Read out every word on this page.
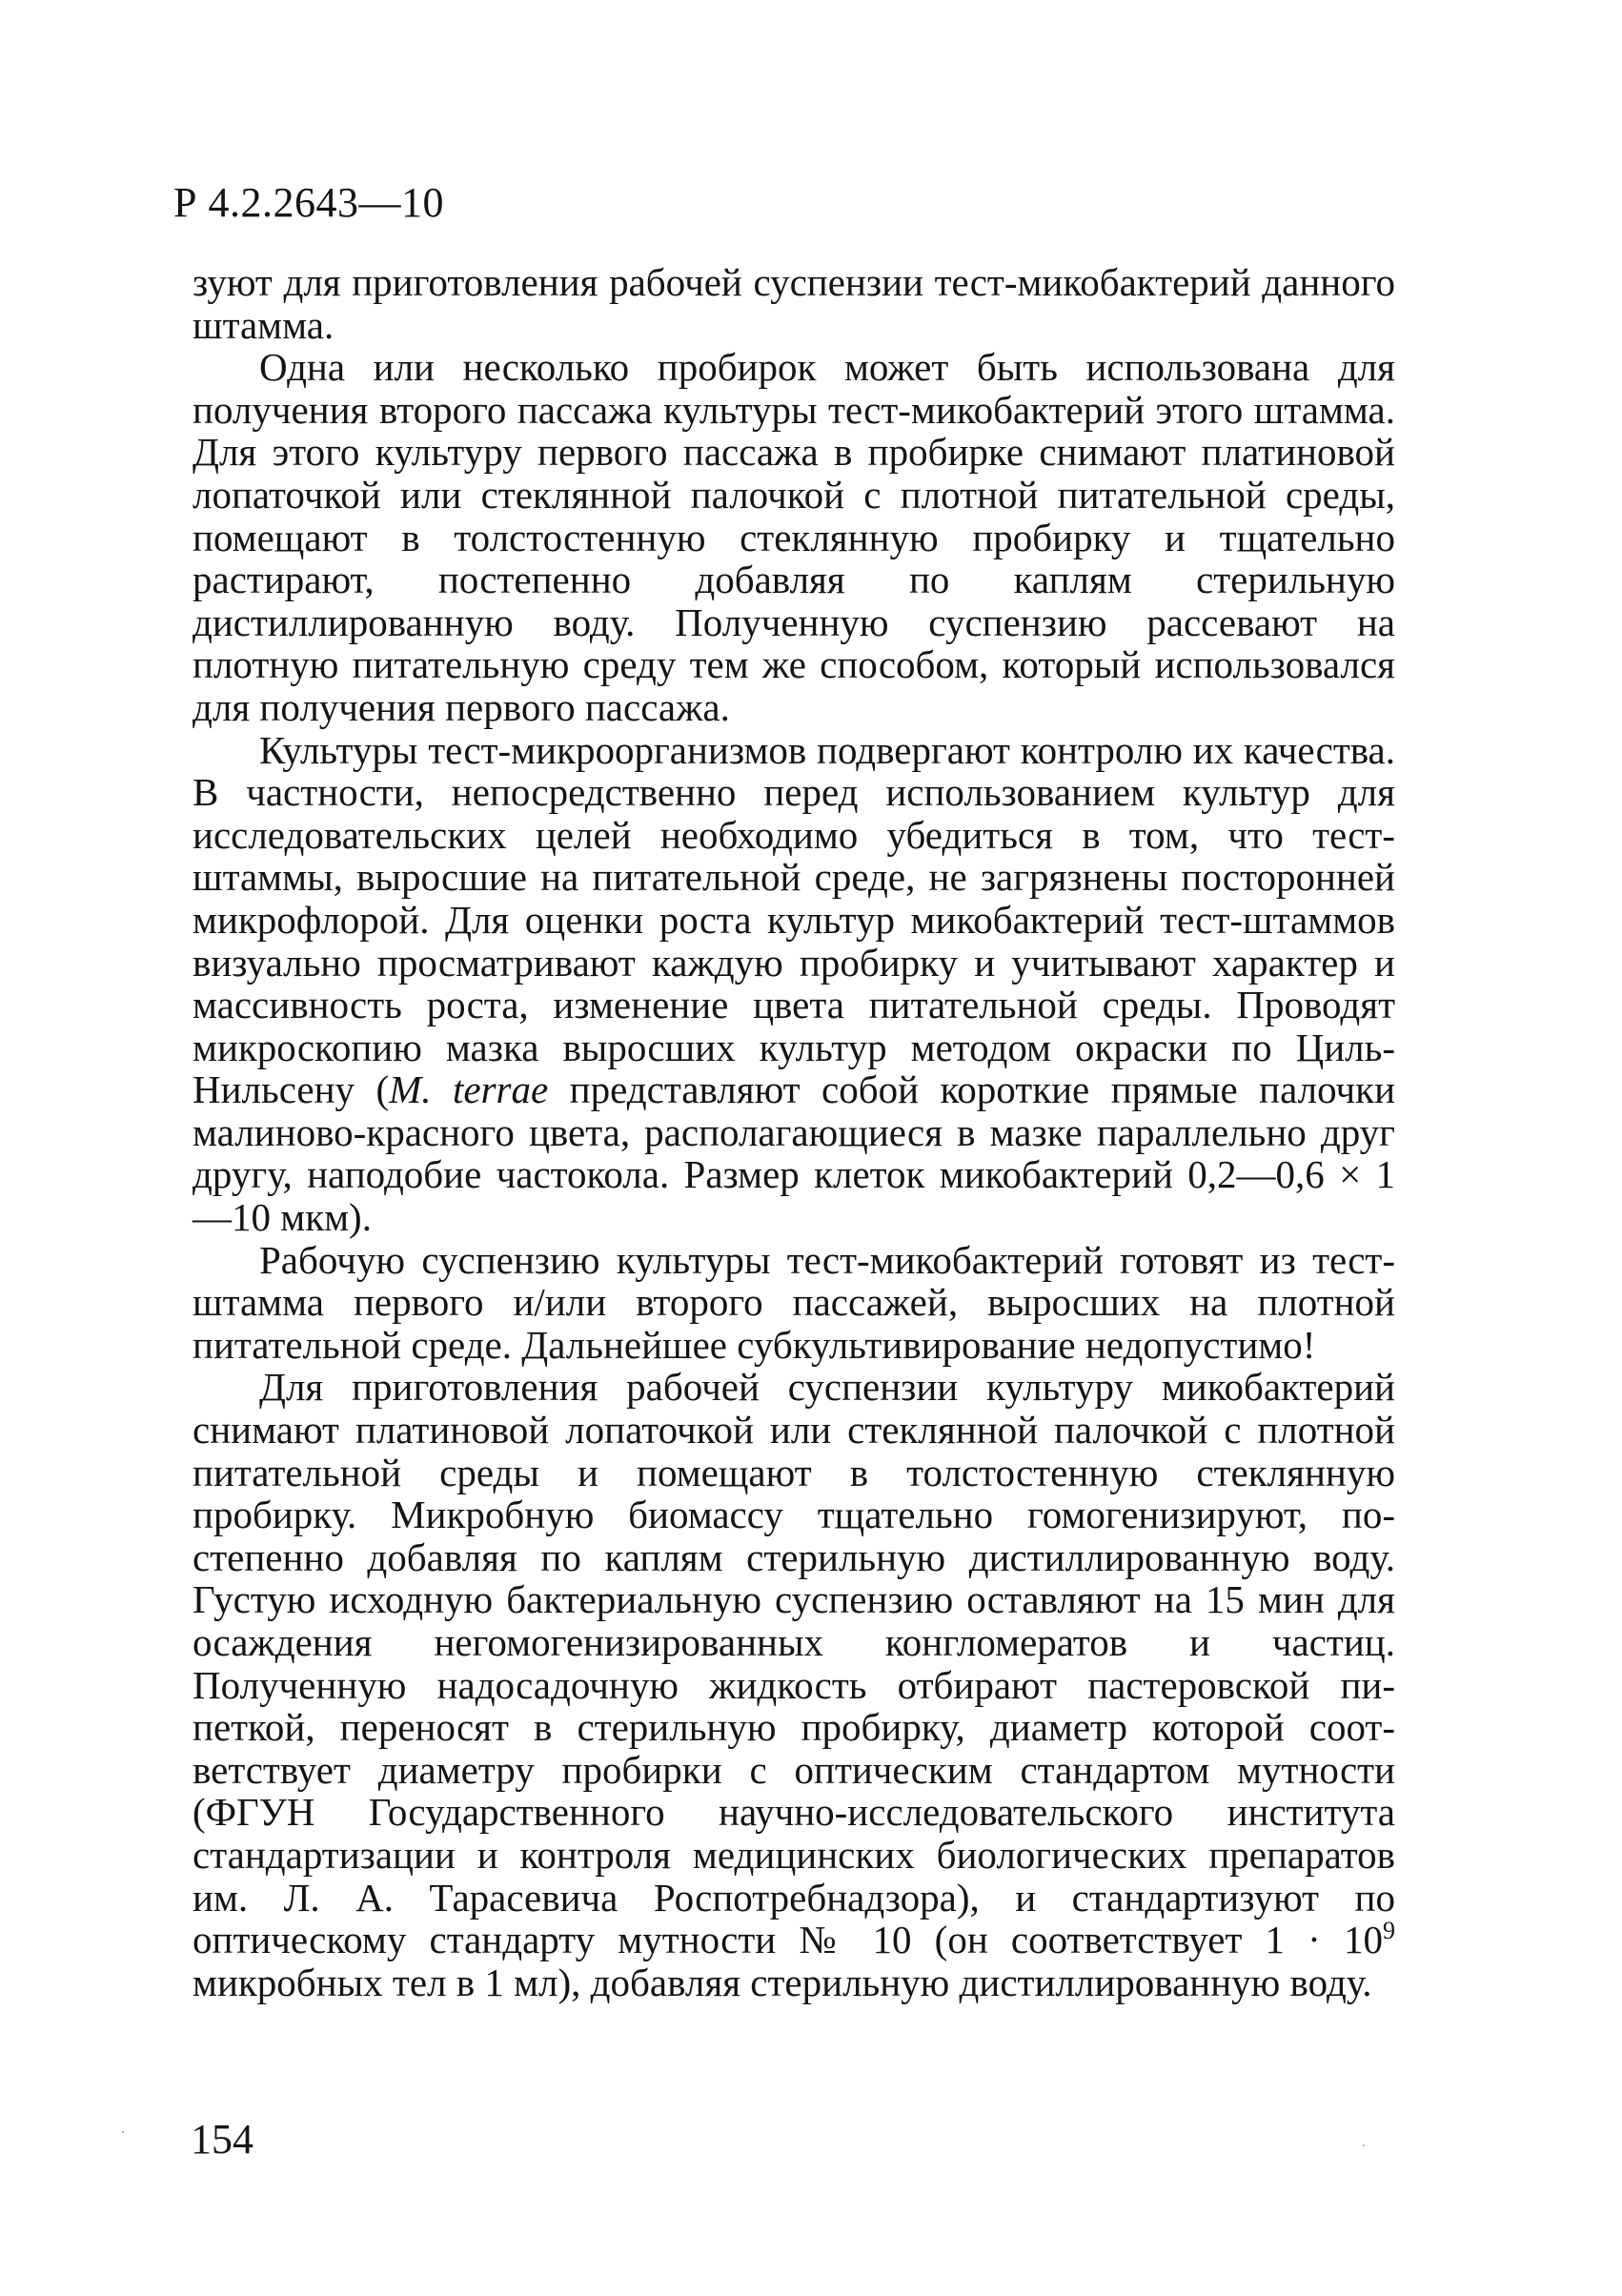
Р 4.2.2643—10

зуют для приготовления рабочей суспензии тест-микобактерий данного штамма.

Одна или несколько пробирок может быть использована для получения второго пассажа культуры тест-микобактерий этого штамма. Для этого культуру первого пассажа в пробирке снимают платиновой лопаточкой или стеклянной палочкой с плотной питательной среды, помещают в толстостенную стеклянную пробирку и тщательно растирают, постепенно добавляя по каплям стерильную дистиллированную воду. Полученную суспензию рассевают на плотную питательную среду тем же способом, который использовался для получения первого пассажа.

Культуры тест-микроорганизмов подвергают контролю их качества. В частности, непосредственно перед использованием культур для исследовательских целей необходимо убедиться в том, что тест-штаммы, выросшие на питательной среде, не загрязнены посторонней микрофлорой. Для оценки роста культур микобактерий тест-штаммов визуально просматривают каждую пробирку и учитывают характер и массивность роста, изменение цвета питательной среды. Проводят микроскопию мазка выросших культур методом окраски по Циль-Нильсену (M. terrae представляют собой короткие прямые палочки малиново-красного цвета, располагающиеся в мазке параллельно друг другу, наподобие частокола. Размер клеток микобактерий 0,2—0,6 × 1—10 мкм).

Рабочую суспензию культуры тест-микобактерий готовят из тест-штамма первого и/или второго пассажей, выросших на плотной питательной среде. Дальнейшее субкультивирование недопустимо!

Для приготовления рабочей суспензии культуру микобактерий снимают платиновой лопаточкой или стеклянной палочкой с плотной питательной среды и помещают в толстостенную стеклянную пробирку. Микробную биомассу тщательно гомогенизируют, постепенно добавляя по каплям стерильную дистиллированную воду. Густую исходную бактериальную суспензию оставляют на 15 мин для осаждения негомогенизированных конгломератов и частиц. Полученную надосадочную жидкость отбирают пастеровской пипеткой, переносят в стерильную пробирку, диаметр которой соответствует диаметру пробирки с оптическим стандартом мутности (ФГУН Государственного научно-исследовательского института стандартизации и контроля медицинских биологических препаратов им. Л. А. Тарасевича Роспотребнадзора), и стандартизуют по оптическому стандарту мутности № 10 (он соответствует $1 \cdot 10^9$ микробных тел в 1 мл), добавляя стерильную дистиллированную воду.

154
